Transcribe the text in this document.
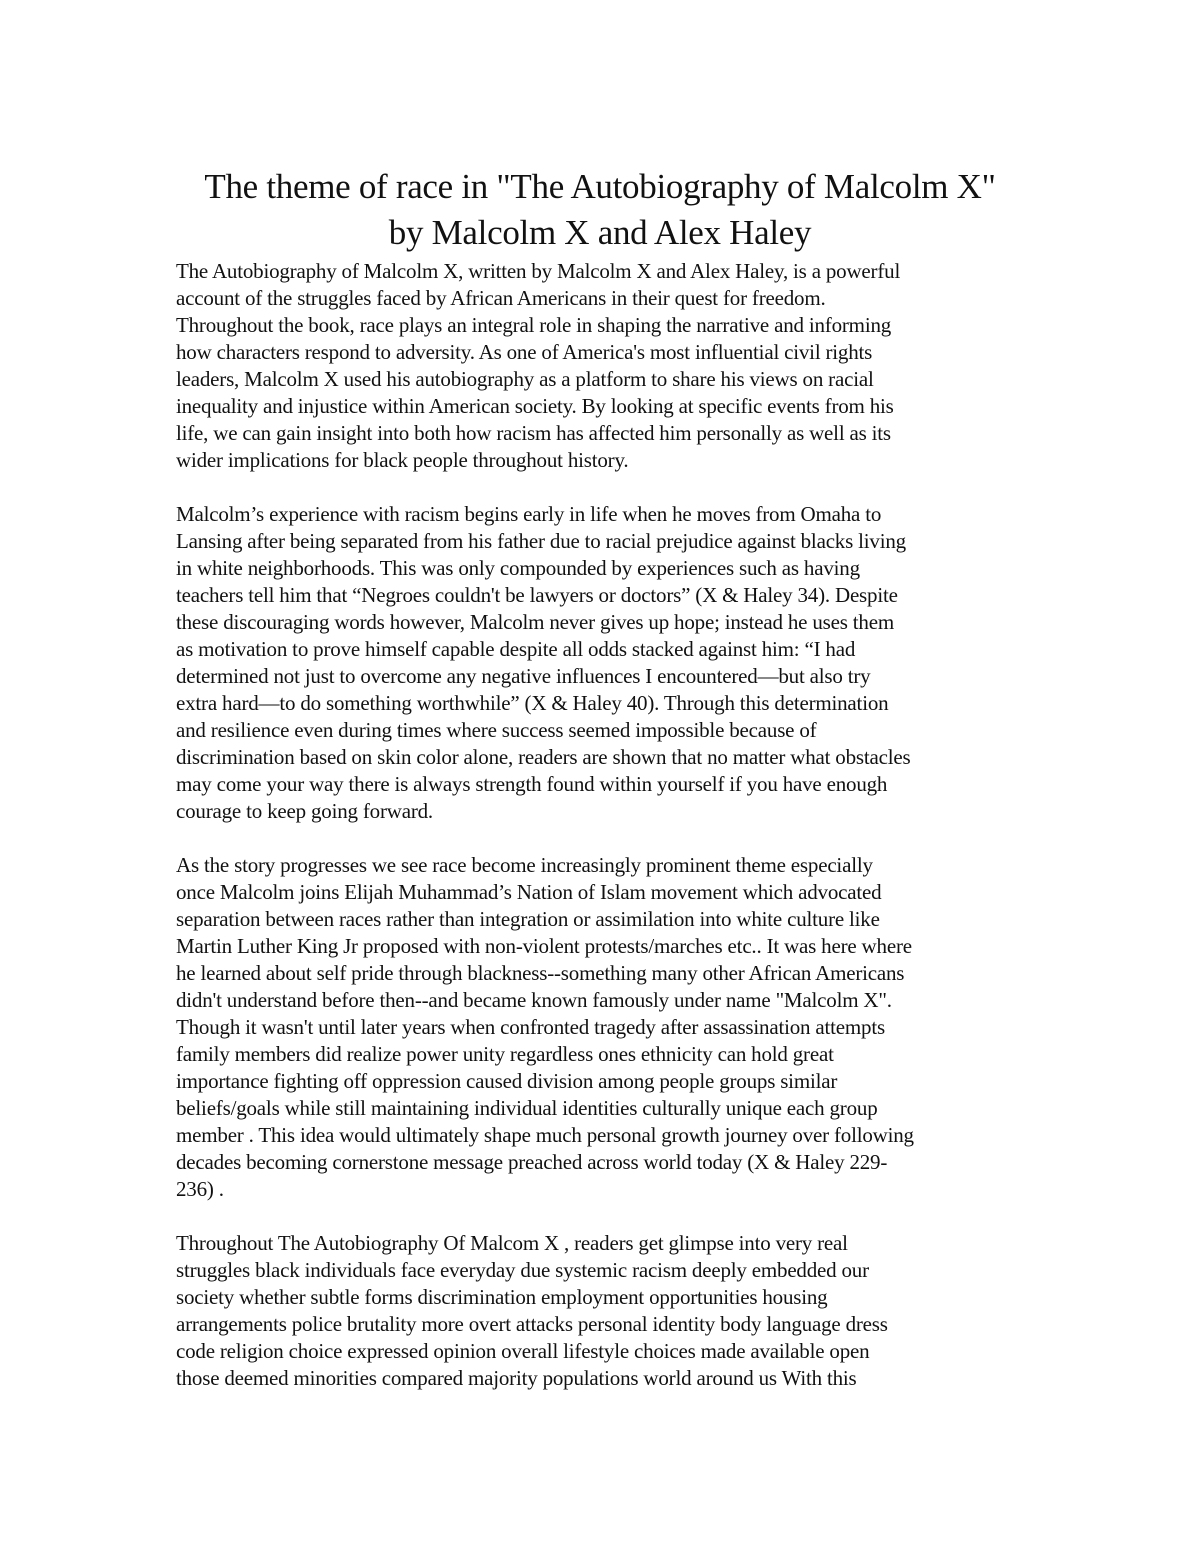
The theme of race in "The Autobiography of Malcolm X"
by Malcolm X and Alex Haley
The Autobiography of Malcolm X, written by Malcolm X and Alex Haley, is a powerful
account of the struggles faced by African Americans in their quest for freedom.
Throughout the book, race plays an integral role in shaping the narrative and informing
how characters respond to adversity. As one of America's most influential civil rights
leaders, Malcolm X used his autobiography as a platform to share his views on racial
inequality and injustice within American society. By looking at specific events from his
life, we can gain insight into both how racism has affected him personally as well as its
wider implications for black people throughout history.
Malcolm’s experience with racism begins early in life when he moves from Omaha to
Lansing after being separated from his father due to racial prejudice against blacks living
in white neighborhoods. This was only compounded by experiences such as having
teachers tell him that “Negroes couldn't be lawyers or doctors” (X & Haley 34). Despite
these discouraging words however, Malcolm never gives up hope; instead he uses them
as motivation to prove himself capable despite all odds stacked against him: “I had
determined not just to overcome any negative influences I encountered—but also try
extra hard—to do something worthwhile” (X & Haley 40). Through this determination
and resilience even during times where success seemed impossible because of
discrimination based on skin color alone, readers are shown that no matter what obstacles
may come your way there is always strength found within yourself if you have enough
courage to keep going forward.
As the story progresses we see race become increasingly prominent theme especially
once Malcolm joins Elijah Muhammad’s Nation of Islam movement which advocated
separation between races rather than integration or assimilation into white culture like
Martin Luther King Jr proposed with non-violent protests/marches etc.. It was here where
he learned about self pride through blackness--something many other African Americans
didn't understand before then--and became known famously under name "Malcolm X".
Though it wasn't until later years when confronted tragedy after assassination attempts
family members did realize power unity regardless ones ethnicity can hold great
importance fighting off oppression caused division among people groups similar
beliefs/goals while still maintaining individual identities culturally unique each group
member . This idea would ultimately shape much personal growth journey over following
decades becoming cornerstone message preached across world today (X & Haley 229-
236) .
Throughout The Autobiography Of Malcom X , readers get glimpse into very real
struggles black individuals face everyday due systemic racism deeply embedded our
society whether subtle forms discrimination employment opportunities housing
arrangements police brutality more overt attacks personal identity body language dress
code religion choice expressed opinion overall lifestyle choices made available open
those deemed minorities compared majority populations world around us With this
